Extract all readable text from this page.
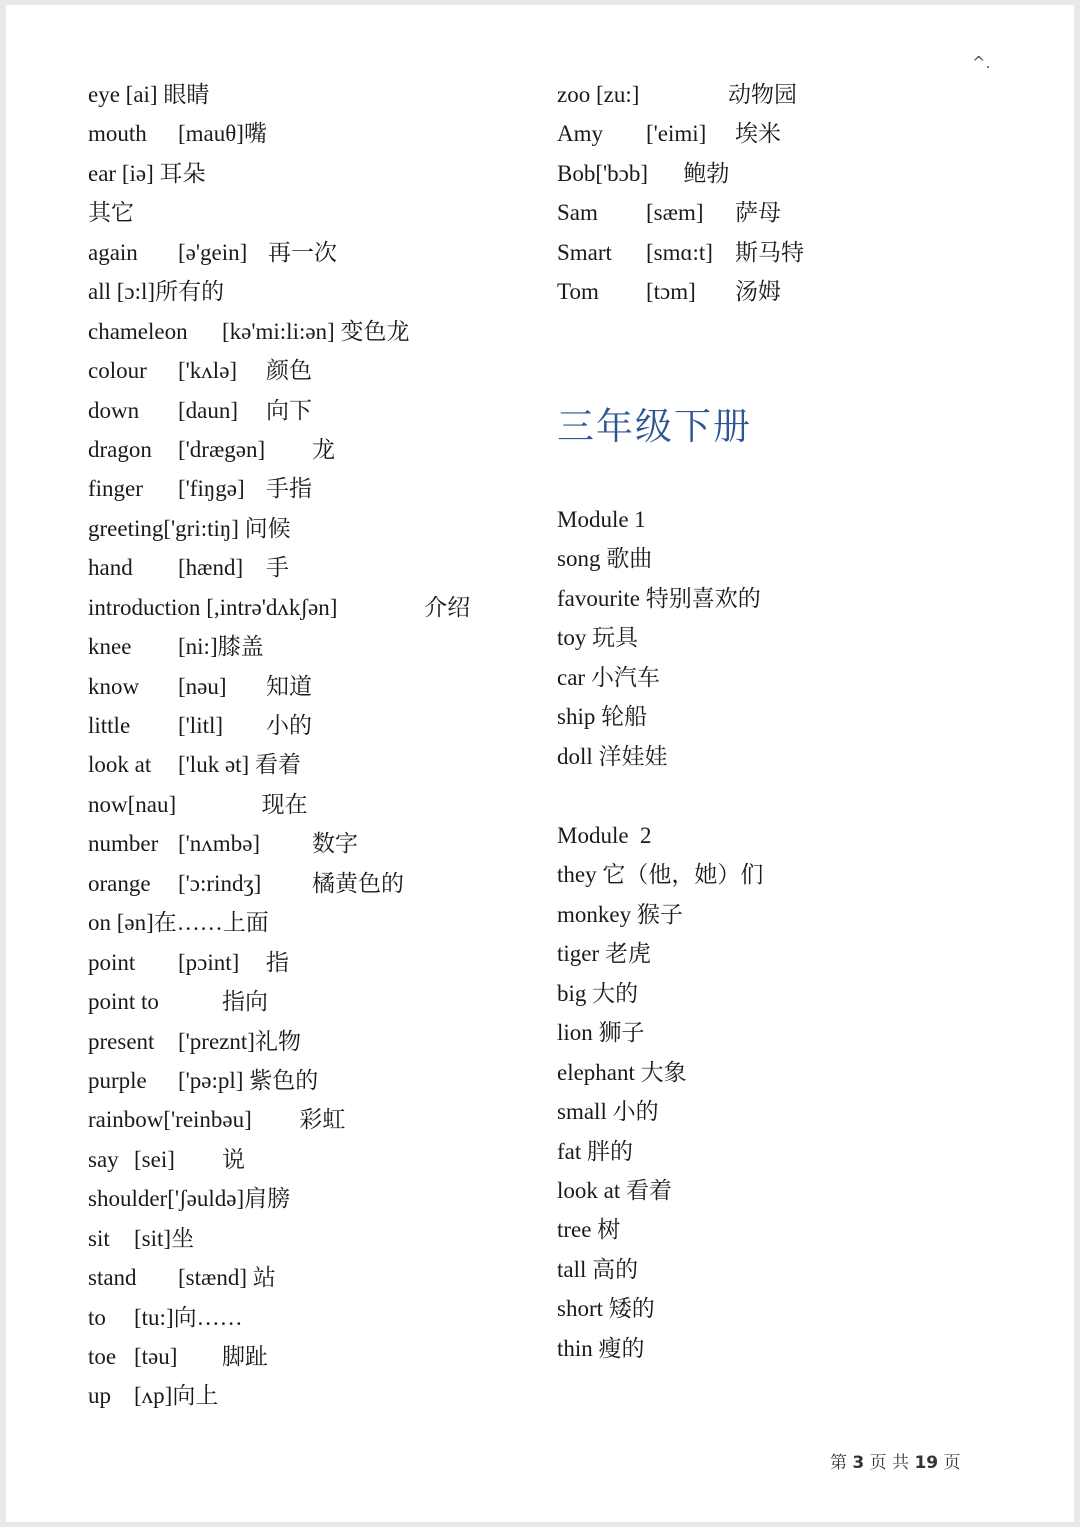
^.
eye [ai] 眼睛
mouth [mauθ]嘴
ear [iə] 耳朵
其它
again [ə'gein] 再一次
all [ɔ:l]所有的
chameleon [kə'mi:li:ən] 变色龙
colour ['kʌlə] 颜色
down [daun] 向下
dragon ['drægən] 龙
finger ['fiŋgə] 手指
greeting['gri:tiŋ] 问候
hand [hænd] 手
introduction [,intrə'dʌkʃən]	介绍
knee [ni:]膝盖
know [nəu] 知道
little ['litl] 小的
look at ['luk ət] 看着
now[nau]	现在
number ['nʌmbə] 数字
orange ['ɔ:rindʒ] 橘黄色的
on [ən]在……上面
point [pɔint] 指
point to	指向
present ['preznt]礼物
purple ['pə:pl] 紫色的
rainbow['reinbəu] 彩虹
say [sei] 说
shoulder['ʃəuldə]肩膀
sit [sit]坐
stand [stænd] 站
to [tu:]向……
toe [təu] 脚趾
up [ʌp]向上
zoo [zu:]	动物园
Amy ['eimi] 埃米
Bob['bɔb] 鲍勃
Sam [sæm] 萨母
Smart [smɑ:t] 斯马特
Tom [tɔm] 汤姆
三年级下册
Module 1
song 歌曲
favourite 特别喜欢的
toy 玩具
car 小汽车
ship 轮船
doll 洋娃娃
Module  2
they 它（他，她）们
monkey 猴子
tiger 老虎
big 大的
lion 狮子
elephant 大象
small 小的
fat 胖的
look at 看着
tree 树
tall 高的
short 矮的
thin 瘦的
第 3 页 共 19 页
